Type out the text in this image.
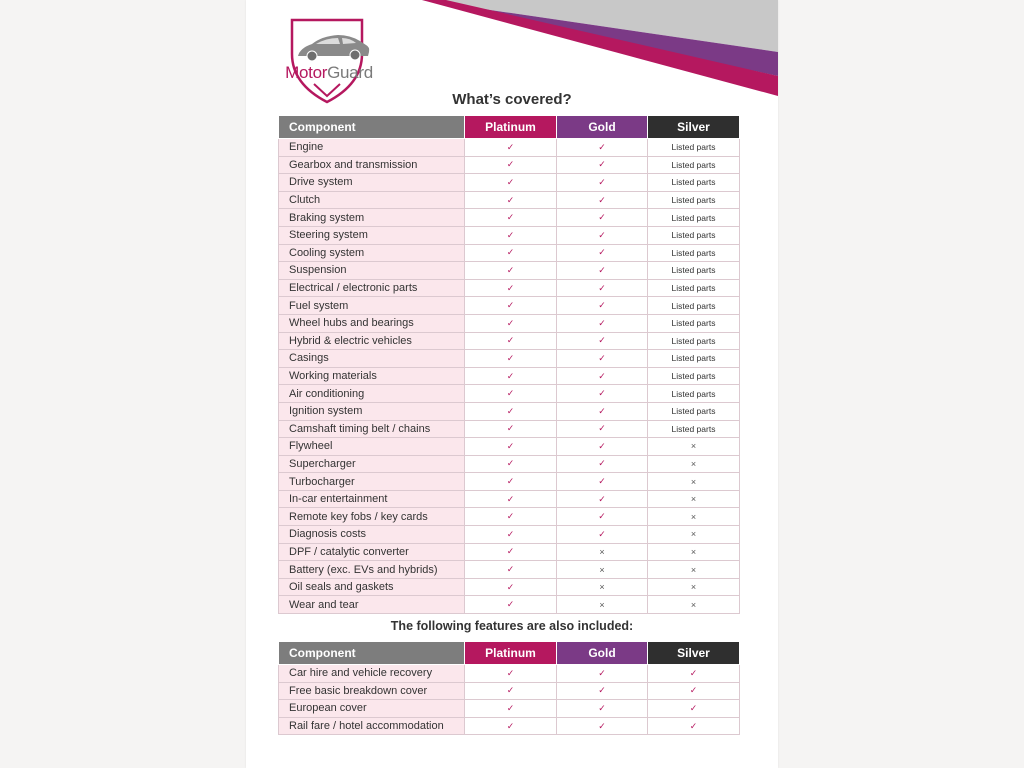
MotorGuard
What’s covered?
Component	Platinum	Gold	Silver
Engine	✓	✓	Listed parts
Gearbox and transmission	✓	✓	Listed parts
Drive system	✓	✓	Listed parts
Clutch	✓	✓	Listed parts
Braking system	✓	✓	Listed parts
Steering system	✓	✓	Listed parts
Cooling system	✓	✓	Listed parts
Suspension	✓	✓	Listed parts
Electrical / electronic parts	✓	✓	Listed parts
Fuel system	✓	✓	Listed parts
Wheel hubs and bearings	✓	✓	Listed parts
Hybrid & electric vehicles	✓	✓	Listed parts
Casings	✓	✓	Listed parts
Working materials	✓	✓	Listed parts
Air conditioning	✓	✓	Listed parts
Ignition system	✓	✓	Listed parts
Camshaft timing belt / chains	✓	✓	Listed parts
Flywheel	✓	✓	×
Supercharger	✓	✓	×
Turbocharger	✓	✓	×
In-car entertainment	✓	✓	×
Remote key fobs / key cards	✓	✓	×
Diagnosis costs	✓	✓	×
DPF / catalytic converter	✓	×	×
Battery (exc. EVs and hybrids)	✓	×	×
Oil seals and gaskets	✓	×	×
Wear and tear	✓	×	×
The following features are also included:
Component	Platinum	Gold	Silver
Car hire and vehicle recovery	✓	✓	✓
Free basic breakdown cover	✓	✓	✓
European cover	✓	✓	✓
Rail fare / hotel accommodation	✓	✓	✓
